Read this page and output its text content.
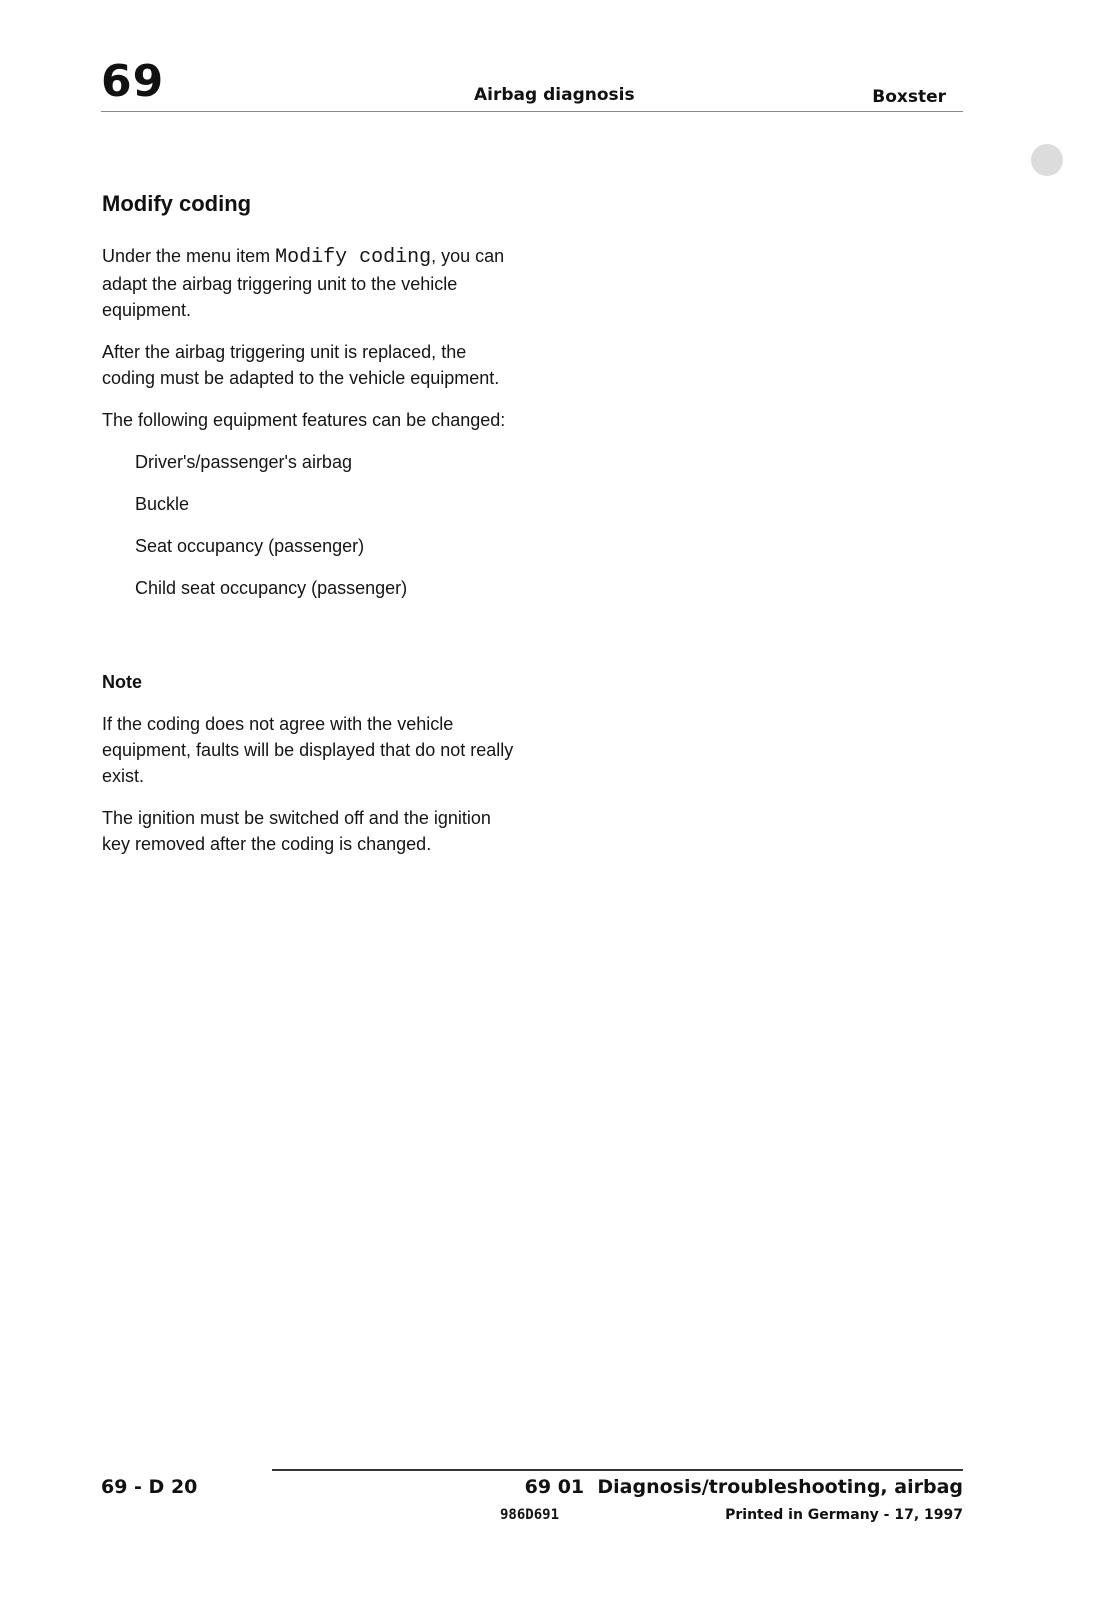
69	Airbag diagnosis	Boxster
Modify coding

Under the menu item Modify coding, you can adapt the airbag triggering unit to the vehicle equipment.

After the airbag triggering unit is replaced, the coding must be adapted to the vehicle equipment.

The following equipment features can be changed:

Driver's/passenger's airbag
Buckle
Seat occupancy (passenger)
Child seat occupancy (passenger)
Note

If the coding does not agree with the vehicle equipment, faults will be displayed that do not really exist.

The ignition must be switched off and the ignition key removed after the coding is changed.

69 - D 20	69 01  Diagnosis/troubleshooting, airbag
986D691	Printed in Germany - 17, 1997
